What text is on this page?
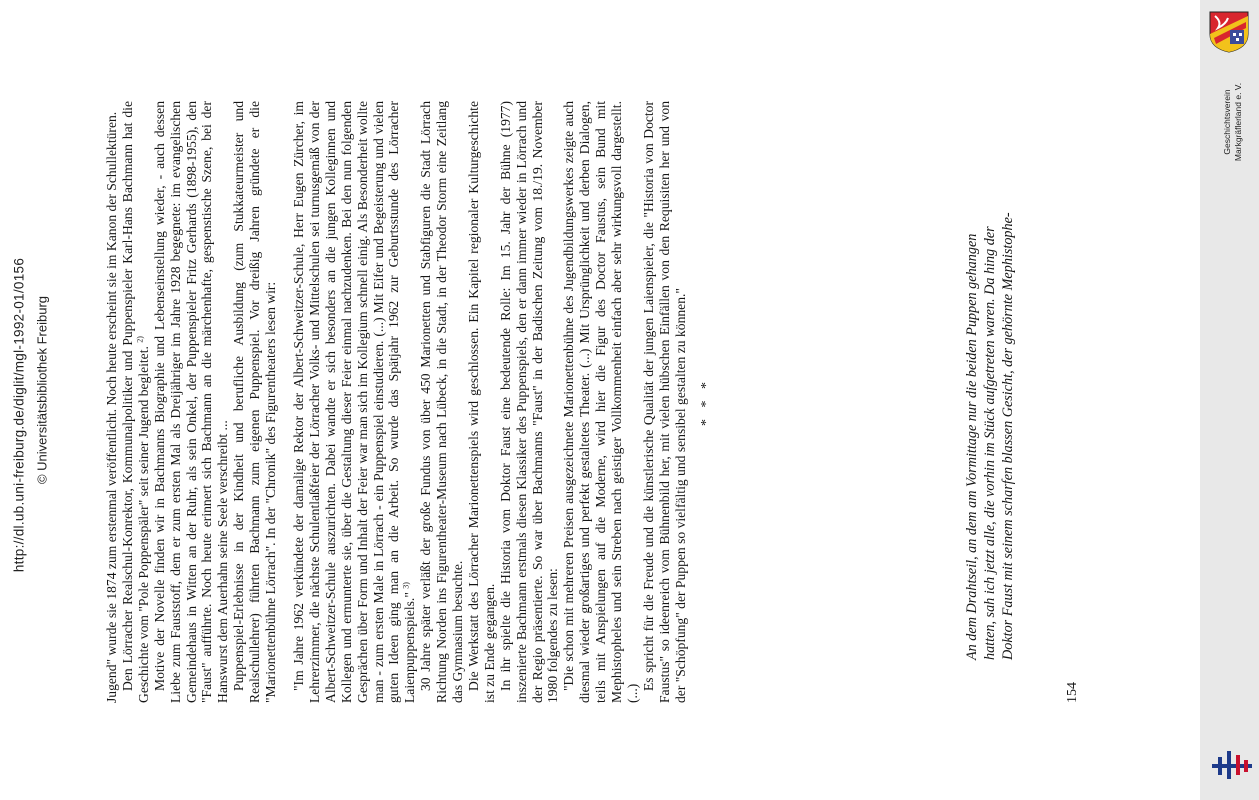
Jugend" wurde sie 1874 zum erstenmal veröffentlicht. Noch heute erscheint sie im Kanon der Schullektüren. Den Lörracher Realschul-Konrektor, Kommunalpolitiker und Puppenspieler Karl-Hans Bachmann hat die Geschichte vom "Pole Poppenspäler" seit seiner Jugend begleitet. $^{2)}$ Motive der Novelle finden wir in Bachmanns Biographie und Lebenseinstellung wieder, - auch dessen Liebe zum Fauststoff, dem er zum ersten Mal als Dreijähriger im Jahre 1928 begegnete: im evangelischen Gemeindehaus in Witten an der Ruhr, als sein Onkel, der Puppenspieler Fritz Gerhards (1898-1955), den "Faust" aufführte. Noch heute erinnert sich Bachmann an die märchenhafte, gespenstische Szene, bei der Hanswurst dem Auerhahn seine Seele verschreibt ... Puppenspiel-Erlebnisse in der Kindheit und berufliche Ausbildung (zum Stukkateurmeister und Realschullehrer) führten Bachmann zum eigenen Puppenspiel. Vor dreißig Jahren gründete er die "Marionettenbühne Lörrach". In der "Chronik" des Figurentheaters lesen wir: "Im Jahre 1962 verkündete der damalige Rektor der Albert-Schweitzer-Schule, Herr Eugen Zürcher, im Lehrerzimmer, die nächste Schulentlaßfeier der Lörracher Volks- und Mittelschulen sei turnusgemäß von der Albert-Schweitzer-Schule auszurichten. Dabei wandte er sich besonders an die jungen Kolleginnen und Kollegen und ermunterte sie, über die Gestaltung dieser Feier einmal nachzudenken. Bei den nun folgenden Gesprächen über Form und Inhalt der Feier war man sich im Kollegium schnell einig. Als Besonderheit wollte man - zum ersten Male in Lörrach - ein Puppenspiel einstudieren. (...) Mit Eifer und Begeisterung und vielen guten Ideen ging man an die Arbeit. So wurde das Spätjahr 1962 zur Geburtsstunde des Lörracher Laienpuppenspiels." $^{3)}$ 30 Jahre später verläßt der große Fundus von über 450 Marionetten und Stabfiguren die Stadt Lörrach Richtung Norden ins Figurentheater-Museum nach Lübeck, in die Stadt, in der Theodor Storm eine Zeitlang das Gymnasium besuchte. Die Werkstatt des Lörracher Marionettenspiels wird geschlossen. Ein Kapitel regionaler Kulturgeschichte ist zu Ende gegangen. In ihr spielte die Historia vom Doktor Faust eine bedeutende Rolle: Im 15. Jahr der Bühne (1977) inszenierte Bachmann erstmals diesen Klassiker des Puppenspiels, den er dann immer wieder in Lörrach und der Regio präsentierte. So war über Bachmanns "Faust" in der Badischen Zeitung vom 18./19. November 1980 folgendes zu lesen: "Die schon mit mehreren Preisen ausgezeichnete Marionettenbühne des Jugendbildungswerkes zeigte auch diesmal wieder großartiges und perfekt gestaltetes Theater. (...) Mit Ursprünglichkeit und derben Dialogen, teils mit Anspielungen auf die Moderne, wird hier die Figur des Doctor Faustus, sein Bund mit Mephistopheles und sein Streben nach geistiger Vollkommenheit einfach aber sehr wirkungsvoll dargestellt. (...)

Es spricht für die Freude und die künstlerische Qualität der jungen Laienspieler, die "Historia von Doctor Faustus" so ideenreich vom Bühnenbild her, mit vielen hübschen Einfällen von den Requisiten her und von der "Schöpfung" der Puppen so vielfältig und sensibel gestalten zu können." * * *	An dem Drahtseil, an dem am Vormittage nur die beiden Puppen gehangen hatten, sah ich jetzt alle, die vorhin im Stück aufgetreten waren. Da hing der Doktor Faust mit seinem scharfen blassen Gesicht, der gehörnte Mephistophe-

154
Geschichtsverein Markgräflerland e. V.
http://dl.ub.uni-freiburg.de/diglit/mgl-1992-01/0156 © Universitätsbibliothek Freiburg
